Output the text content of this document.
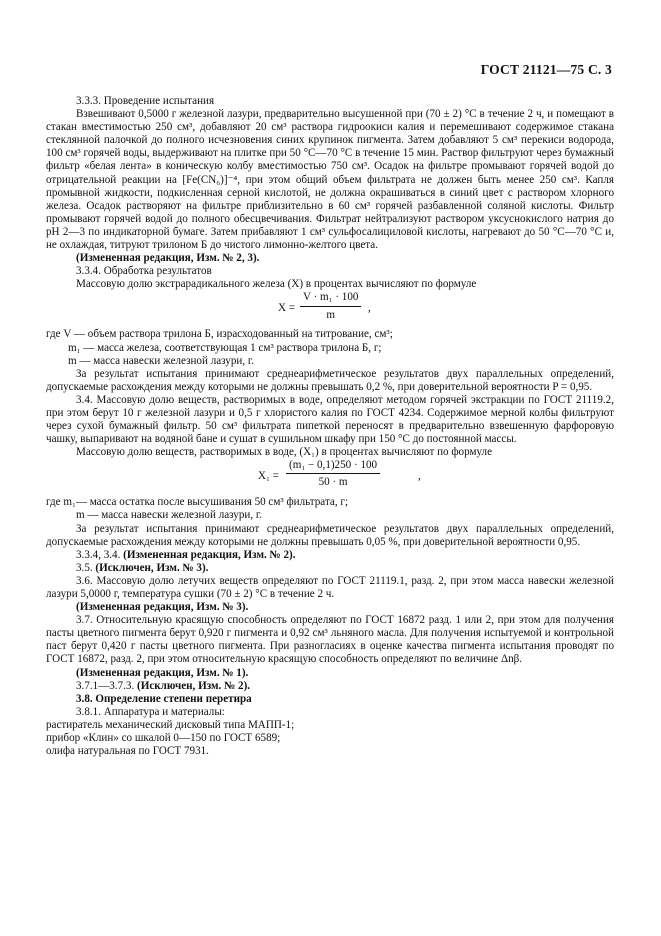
ГОСТ 21121—75 С. 3

3.3.3. Проведение испытания

Взвешивают 0,5000 г железной лазури, предварительно высушенной при (70 ± 2) °С в течение 2 ч, и помещают в стакан вместимостью 250 см³, добавляют 20 см³ раствора гидроокиси калия и перемешивают содержимое стакана стеклянной палочкой до полного исчезновения синих крупинок пигмента. Затем добавляют 5 см³ перекиси водорода, 100 см³ горячей воды, выдерживают на плитке при 50 °С—70 °С в течение 15 мин. Раствор фильтруют через бумажный фильтр «белая лента» в коническую колбу вместимостью 750 см³. Осадок на фильтре промывают горячей водой до отрицательной реакции на [Fe(CN₆)]⁻⁴, при этом общий объем фильтрата не должен быть менее 250 см³. Капля промывной жидкости, подкисленная серной кислотой, не должна окрашиваться в синий цвет с раствором хлорного железа. Осадок растворяют на фильтре приблизительно в 60 см³ горячей разбавленной соляной кислоты. Фильтр промывают горячей водой до полного обесцвечивания. Фильтрат нейтрализуют раствором уксуснокислого натрия до рН 2—3 по индикаторной бумаге. Затем прибавляют 1 см³ сульфосалициловой кислоты, нагревают до 50 °С—70 °С и, не охлаждая, титруют трилоном Б до чистого лимонно-желтого цвета.

(Измененная редакция, Изм. № 2, 3).

3.3.4. Обработка результатов

Массовую долю экстрарадикального железа (X) в процентах вычисляют по формуле

$X = \frac{\text{V · m₁ · 100}}{m}$ ,

где V — объем раствора трилона Б, израсходованный на титрование, см³;

m₁ — масса железа, соответствующая 1 см³ раствора трилона Б, г;

m — масса навески железной лазури, г.

За результат испытания принимают среднеарифметическое результатов двух параллельных определений, допускаемые расхождения между которыми не должны превышать 0,2 %, при доверительной вероятности P = 0,95.

3.4. Массовую долю веществ, растворимых в воде, определяют методом горячей экстракции по ГОСТ 21119.2, при этом берут 10 г железной лазури и 0,5 г хлористого калия по ГОСТ 4234. Содержимое мерной колбы фильтруют через сухой бумажный фильтр. 50 см³ фильтрата пипеткой переносят в предварительно взвешенную фарфоровую чашку, выпаривают на водяной бане и сушат в сушильном шкафу при 150 °С до постоянной массы.

Массовую долю веществ, растворимых в воде, (X₁) в процентах вычисляют по формуле

$X_1 = \frac{\text{(m₁ − 0,1)250 · 100}}{50 \cdot m}$	,

где m₁— масса остатка после высушивания 50 см³ фильтрата, г;

m — масса навески железной лазури, г.

За результат испытания принимают среднеарифметическое результатов двух параллельных определений, допускаемые расхождения между которыми не должны превышать 0,05 %, при доверительной вероятности 0,95.

3.3.4, 3.4. (Измененная редакция, Изм. № 2).

3.5. (Исключен, Изм. № 3).

3.6. Массовую долю летучих веществ определяют по ГОСТ 21119.1, разд. 2, при этом масса навески железной лазури 5,0000 г, температура сушки (70 ± 2) °С в течение 2 ч.

(Измененная редакция, Изм. № 3).

3.7. Относительную красящую способность определяют по ГОСТ 16872 разд. 1 или 2, при этом для получения пасты цветного пигмента берут 0,920 г пигмента и 0,92 см³ льняного масла. Для получения испытуемой и контрольной паст берут 0,420 г пасты цветного пигмента. При разногласиях в оценке качества пигмента испытания проводят по ГОСТ 16872, разд. 2, при этом относительную красящую способность определяют по величине Δnβ.

(Измененная редакция, Изм. № 1).

3.7.1—3.7.3. (Исключен, Изм. № 2).

3.8. Определение степени перетира

3.8.1. Аппаратура и материалы:

растиратель механический дисковый типа МАПП-1;

прибор «Клин» со шкалой 0—150 по ГОСТ 6589;

олифа натуральная по ГОСТ 7931.
